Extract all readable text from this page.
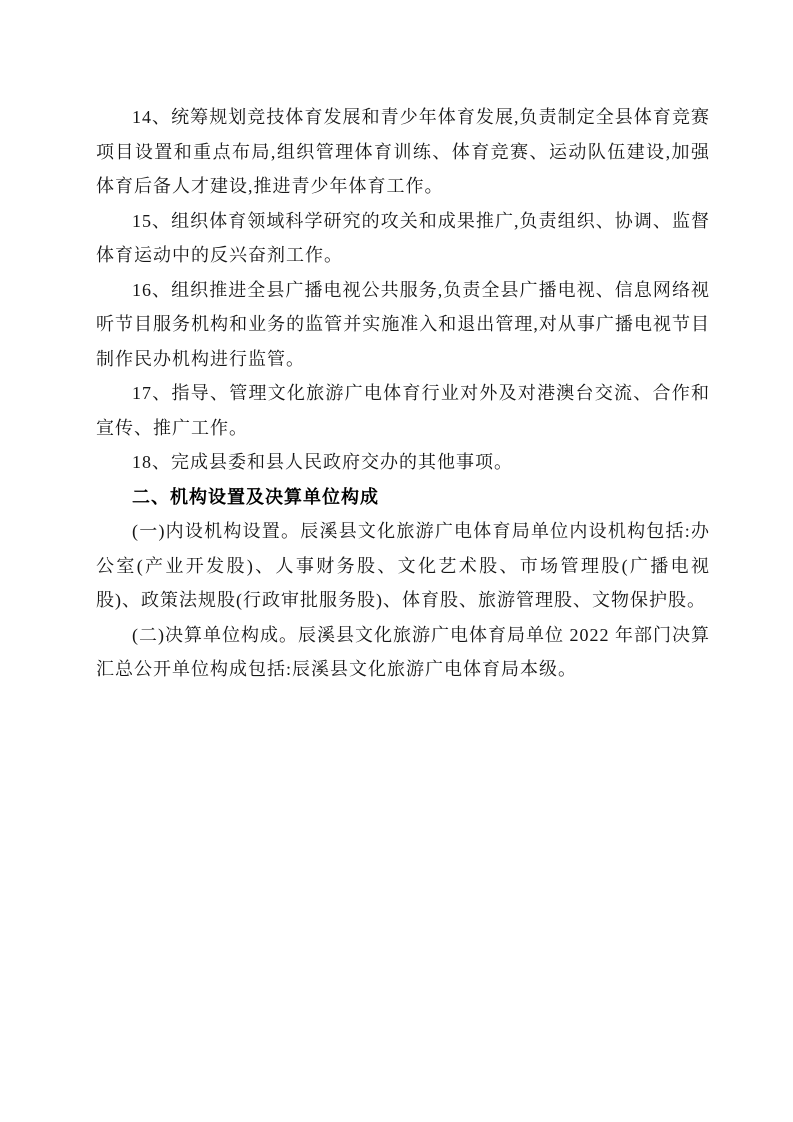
14、统筹规划竞技体育发展和青少年体育发展,负责制定全县体育竞赛项目设置和重点布局,组织管理体育训练、体育竞赛、运动队伍建设,加强体育后备人才建设,推进青少年体育工作。

15、组织体育领域科学研究的攻关和成果推广,负责组织、协调、监督体育运动中的反兴奋剂工作。

16、组织推进全县广播电视公共服务,负责全县广播电视、信息网络视听节目服务机构和业务的监管并实施准入和退出管理,对从事广播电视节目制作民办机构进行监管。

17、指导、管理文化旅游广电体育行业对外及对港澳台交流、合作和宣传、推广工作。

18、完成县委和县人民政府交办的其他事项。

二、机构设置及决算单位构成

(一)内设机构设置。辰溪县文化旅游广电体育局单位内设机构包括:办公室(产业开发股)、人事财务股、文化艺术股、市场管理股(广播电视股)、政策法规股(行政审批服务股)、体育股、旅游管理股、文物保护股。

(二)决算单位构成。辰溪县文化旅游广电体育局单位 2022 年部门决算汇总公开单位构成包括:辰溪县文化旅游广电体育局本级。
